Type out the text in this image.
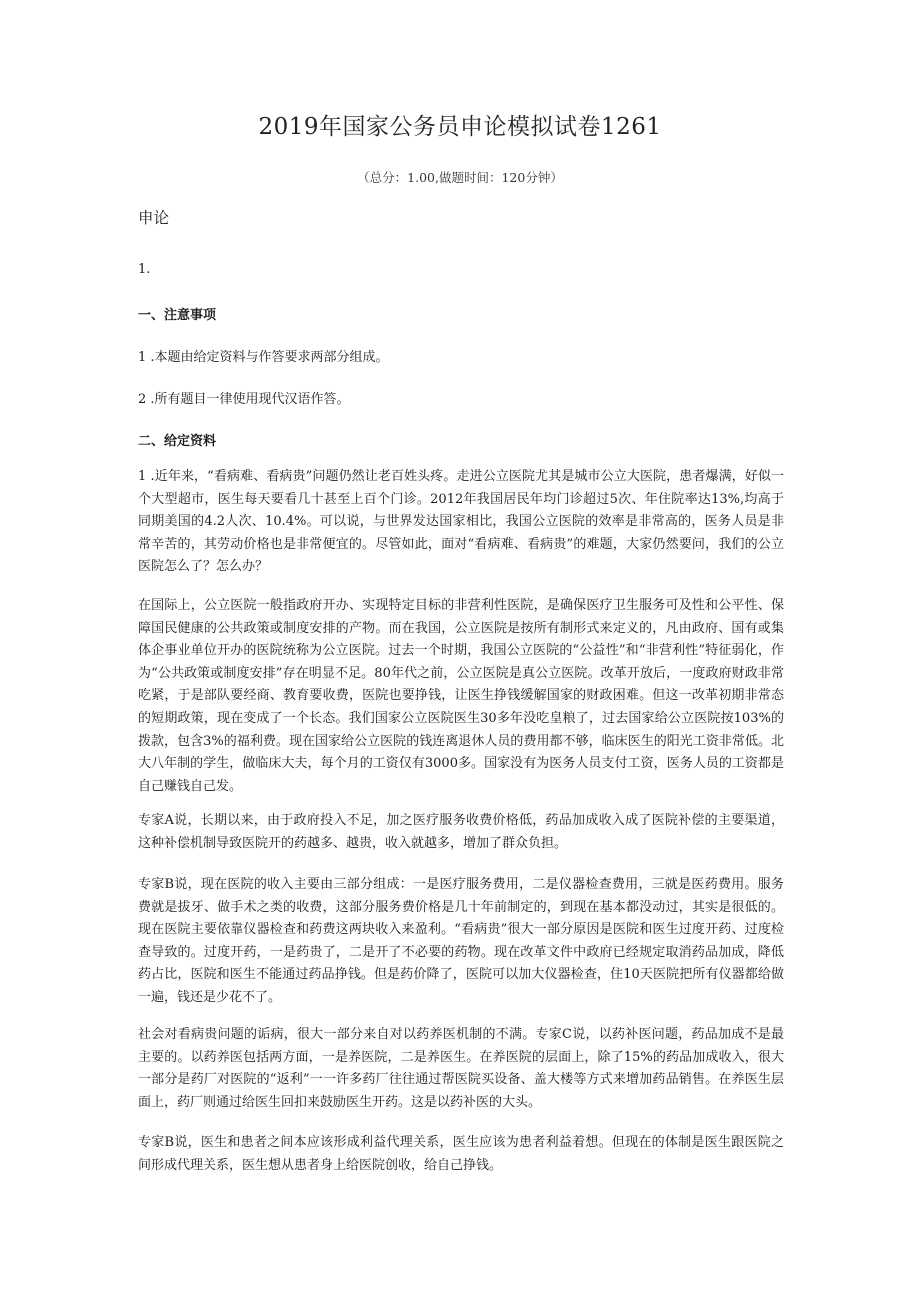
2019年国家公务员申论模拟试卷1261
（总分：1.00,做题时间：120分钟）
申论
1.
一、注意事项
1 .本题由给定资料与作答要求两部分组成。
2 .所有题目一律使用现代汉语作答。
二、给定资料

1 .近年来，“看病难、看病贵”问题仍然让老百姓头疼。走进公立医院尤其是城市公立大医院，患者爆满，好似一个大型超市，医生每天要看几十甚至上百个门诊。2012年我国居民年均门诊超过5次、年住院率达13%,均高于同期美国的4.2人次、10.4%。可以说，与世界发达国家相比，我国公立医院的效率是非常高的，医务人员是非常辛苦的，其劳动价格也是非常便宜的。尽管如此，面对“看病难、看病贵”的难题，大家仍然要问，我们的公立医院怎么了？怎么办？

在国际上，公立医院一般指政府开办、实现特定目标的非营利性医院，是确保医疗卫生服务可及性和公平性、保障国民健康的公共政策或制度安排的产物。而在我国，公立医院是按所有制形式来定义的，凡由政府、国有或集体企事业单位开办的医院统称为公立医院。过去一个时期，我国公立医院的“公益性”和“非营利性”特征弱化，作为“公共政策或制度安排”存在明显不足。80年代之前，公立医院是真公立医院。改革开放后，一度政府财政非常吃紧，于是部队要经商、教育要收费，医院也要挣钱，让医生挣钱缓解国家的财政困难。但这一改革初期非常态的短期政策，现在变成了一个长态。我们国家公立医院医生30多年没吃皇粮了，过去国家给公立医院按103%的拨款，包含3%的福利费。现在国家给公立医院的钱连离退休人员的费用都不够，临床医生的阳光工资非常低。北大八年制的学生，做临床大夫，每个月的工资仅有3000多。国家没有为医务人员支付工资，医务人员的工资都是自己赚钱自己发。

专家A说，长期以来，由于政府投入不足，加之医疗服务收费价格低，药品加成收入成了医院补偿的主要渠道，这种补偿机制导致医院开的药越多、越贵，收入就越多，增加了群众负担。

专家B说，现在医院的收入主要由三部分组成：一是医疗服务费用，二是仪器检查费用，三就是医药费用。服务费就是拔牙、做手术之类的收费，这部分服务费价格是几十年前制定的，到现在基本都没动过，其实是很低的。现在医院主要依靠仪器检查和药费这两块收入来盈利。“看病贵”很大一部分原因是医院和医生过度开药、过度检查导致的。过度开药，一是药贵了，二是开了不必要的药物。现在改革文件中政府已经规定取消药品加成，降低药占比，医院和医生不能通过药品挣钱。但是药价降了，医院可以加大仪器检查，住10天医院把所有仪器都给做一遍，钱还是少花不了。

社会对看病贵问题的诟病，很大一部分来自对以药养医机制的不满。专家C说，以药补医问题，药品加成不是最主要的。以药养医包括两方面，一是养医院，二是养医生。在养医院的层面上，除了15%的药品加成收入，很大一部分是药厂对医院的“返利”一一许多药厂往往通过帮医院买设备、盖大楼等方式来增加药品销售。在养医生层面上，药厂则通过给医生回扣来鼓励医生开药。这是以药补医的大头。

专家B说，医生和患者之间本应该形成利益代理关系，医生应该为患者利益着想。但现在的体制是医生跟医院之间形成代理关系，医生想从患者身上给医院创收，给自己挣钱。
